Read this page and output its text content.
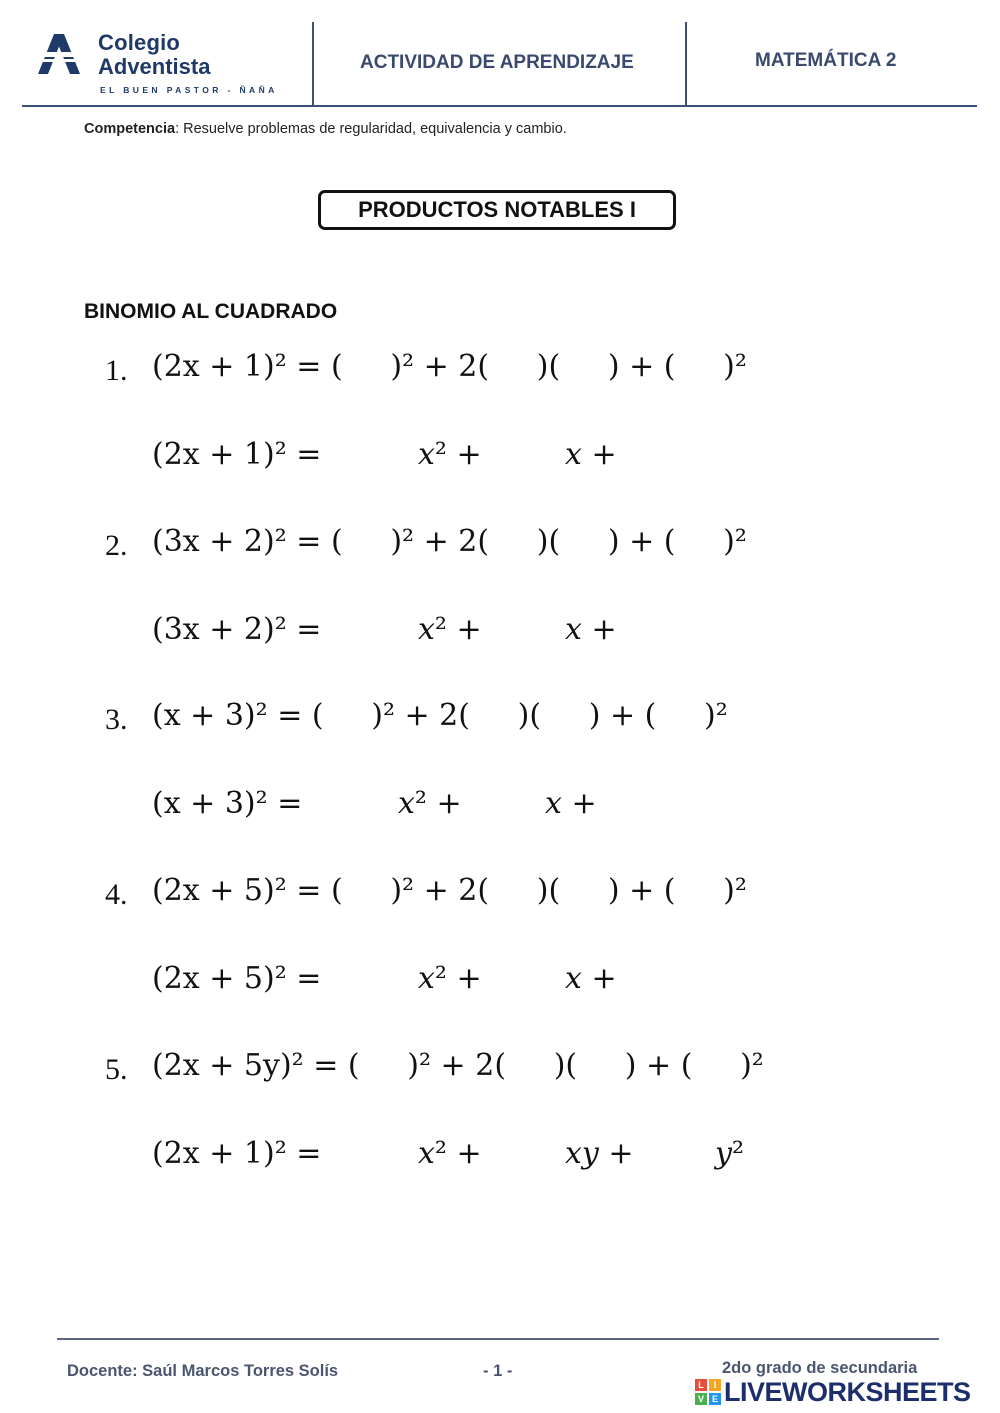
Colegio
Adventista
EL BUEN PASTOR - ÑAÑA
ACTIVIDAD DE APRENDIZAJE	MATEMÁTICA 2
Competencia: Resuelve problemas de regularidad, equivalencia y cambio.
PRODUCTOS NOTABLES I
BINOMIO AL CUADRADO
1. (2x + 1)² = (     )² + 2(     )(     ) + (     )²
(2x + 1)² =	x² +	x +
2. (3x + 2)² = (     )² + 2(     )(     ) + (     )²
(3x + 2)² =	x² +	x +
3. (x + 3)² = (     )² + 2(     )(     ) + (     )²
(x + 3)² =	x² +	x +
4. (2x + 5)² = (     )² + 2(     )(     ) + (     )²
(2x + 5)² =	x² +	x +
5. (2x + 5y)² = (     )² + 2(     )(     ) + (     )²
(2x + 1)² =	x² +	xy +	y²
Docente: Saúl Marcos Torres Solís	- 1 -	2do grado de secundaria
L	I
V E LIVEWORKSHEETS
